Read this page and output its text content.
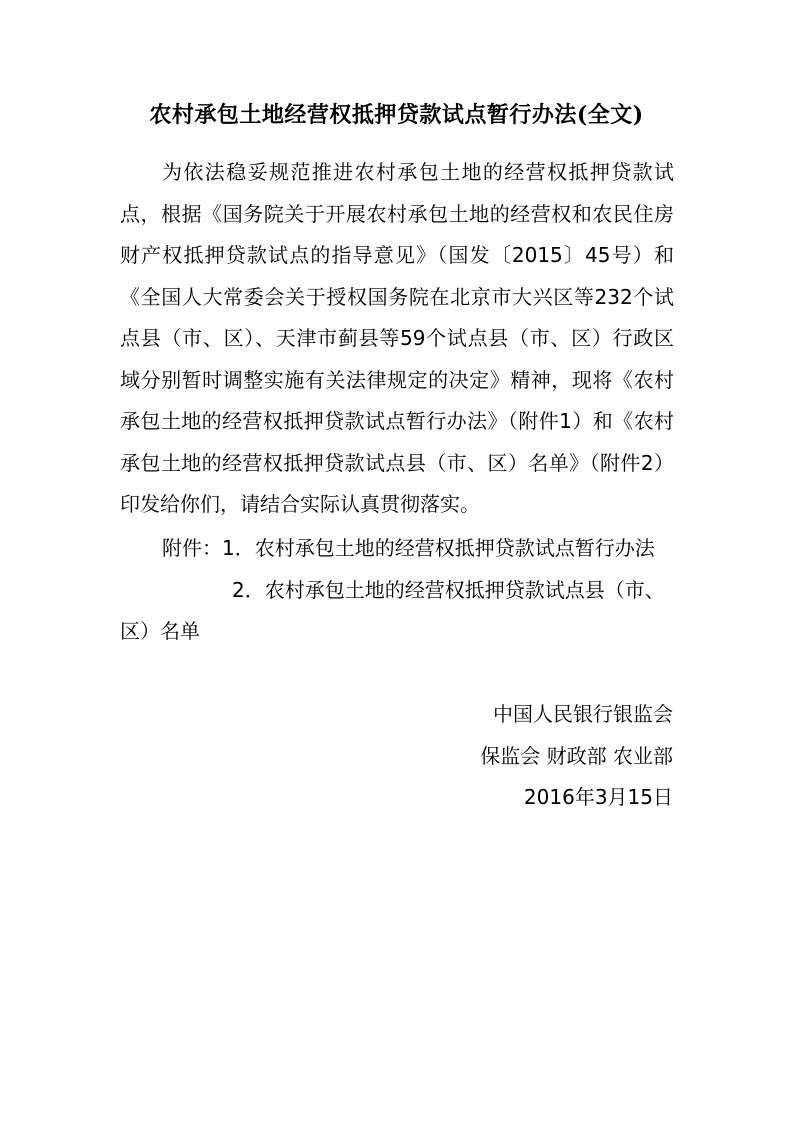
农村承包土地经营权抵押贷款试点暂行办法(全文)

为依法稳妥规范推进农村承包土地的经营权抵押贷款试点，根据《国务院关于开展农村承包土地的经营权和农民住房财产权抵押贷款试点的指导意见》（国发〔2015〕45号）和《全国人大常委会关于授权国务院在北京市大兴区等232个试点县（市、区）、天津市蓟县等59个试点县（市、区）行政区域分别暂时调整实施有关法律规定的决定》精神，现将《农村承包土地的经营权抵押贷款试点暂行办法》（附件1）和《农村承包土地的经营权抵押贷款试点县（市、区）名单》（附件2）印发给你们，请结合实际认真贯彻落实。

附件：1．农村承包土地的经营权抵押贷款试点暂行办法
2．农村承包土地的经营权抵押贷款试点县（市、区）名单
中国人民银行银监会
保监会 财政部 农业部
2016年3月15日
